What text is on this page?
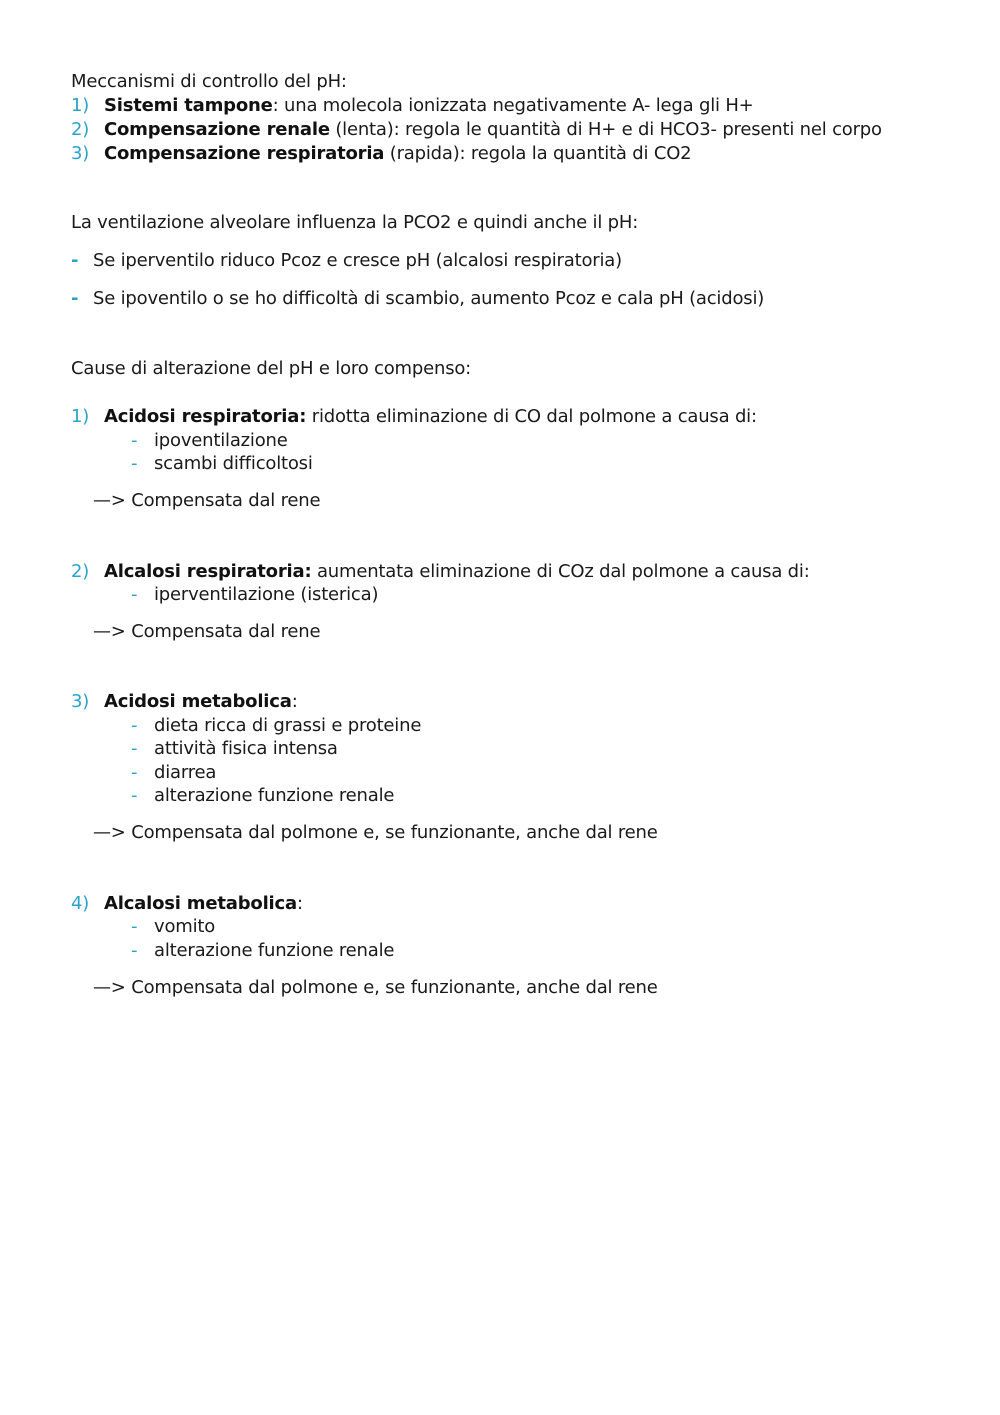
Meccanismi di controllo del pH:
1) Sistemi tampone: una molecola ionizzata negativamente A- lega gli H+
2) Compensazione renale (lenta): regola le quantità di H+ e di HCO3- presenti nel corpo
3) Compensazione respiratoria (rapida): regola la quantità di CO2
La ventilazione alveolare influenza la PCO2 e quindi anche il pH:
- Se iperventilo riduco Pcoz e cresce pH (alcalosi respiratoria)
- Se ipoventilo o se ho difficoltà di scambio, aumento Pcoz e cala pH (acidosi)
Cause di alterazione del pH e loro compenso:
1) Acidosi respiratoria: ridotta eliminazione di CO dal polmone a causa di:
- ipoventilazione
- scambi difficoltosi
—> Compensata dal rene
2) Alcalosi respiratoria: aumentata eliminazione di COz dal polmone a causa di:
- iperventilazione (isterica)
—> Compensata dal rene
3) Acidosi metabolica:
- dieta ricca di grassi e proteine
- attività fisica intensa
- diarrea
- alterazione funzione renale
—> Compensata dal polmone e, se funzionante, anche dal rene
4) Alcalosi metabolica:
- vomito
- alterazione funzione renale
—> Compensata dal polmone e, se funzionante, anche dal rene
